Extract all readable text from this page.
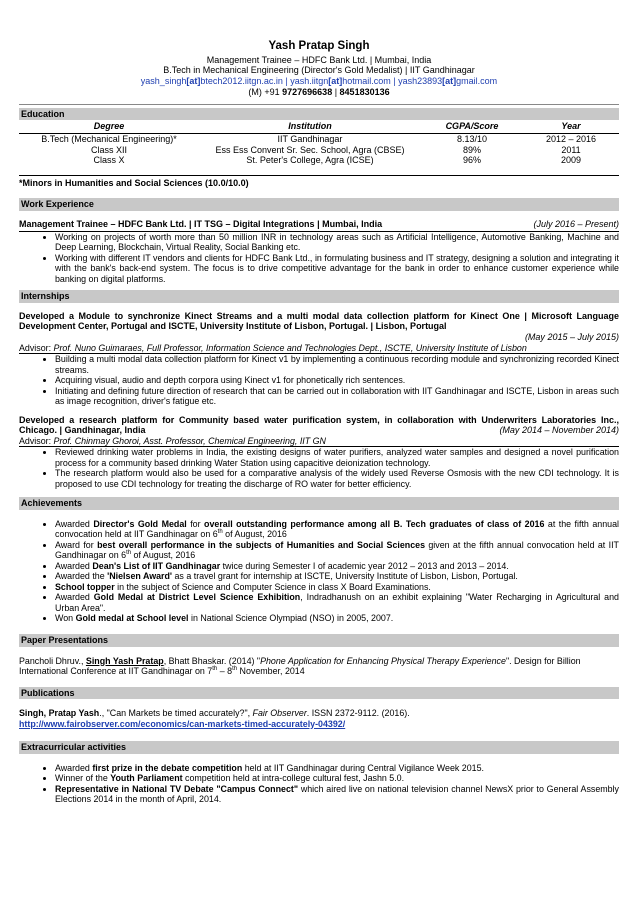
Yash Pratap Singh
Management Trainee – HDFC Bank Ltd. | Mumbai, India
B.Tech in Mechanical Engineering (Director's Gold Medalist) | IIT Gandhinagar
yash_singh[at]btech2012.iitgn.ac.in | yash.iitgn[at]hotmail.com | yash23893[at]gmail.com
(M) +91 9727696638 | 8451830136
Education
Degree	Institution	CGPA/Score	Year
B.Tech (Mechanical Engineering)*	IIT Gandhinagar	8.13/10	2012 – 2016
Class XII	Ess Ess Convent Sr. Sec. School, Agra (CBSE)	89%	2011
Class X	St. Peter's College, Agra (ICSE)	96%	2009
*Minors in Humanities and Social Sciences (10.0/10.0)
Work Experience
Management Trainee – HDFC Bank Ltd. | IT TSG – Digital Integrations | Mumbai, India	(July 2016 – Present)
• Working on projects of worth more than 50 million INR in technology areas such as Artificial Intelligence, Automotive Banking, Machine and Deep Learning, Blockchain, Virtual Reality, Social Banking etc.
• Working with different IT vendors and clients for HDFC Bank Ltd., in formulating business and IT strategy, designing a solution and integrating it with the bank's back-end system. The focus is to drive competitive advantage for the bank in order to enhance customer experience while banking on digital platforms.
Internships
Developed a Module to synchronize Kinect Streams and a multi modal data collection platform for Kinect One | Microsoft Language Development Center, Portugal and ISCTE, University Institute of Lisbon, Portugal. | Lisbon, Portugal
(May 2015 – July 2015)
Advisor: Prof. Nuno Guimaraes, Full Professor, Information Science and Technologies Dept., ISCTE, University Institute of Lisbon
• Building a multi modal data collection platform for Kinect v1 by implementing a continuous recording module and synchronizing recorded Kinect streams.
• Acquiring visual, audio and depth corpora using Kinect v1 for phonetically rich sentences.
• Initiating and defining future direction of research that can be carried out in collaboration with IIT Gandhinagar and ISCTE, Lisbon in areas such as image recognition, driver's fatigue etc.
Developed a research platform for Community based water purification system, in collaboration with Underwriters Laboratories Inc., Chicago. | Gandhinagar, India	(May 2014 – November 2014)
Advisor: Prof. Chinmay Ghoroi, Asst. Professor, Chemical Engineering, IIT GN
• Reviewed drinking water problems in India, the existing designs of water purifiers, analyzed water samples and designed a novel purification process for a community based drinking Water Station using capacitive deionization technology.
• The research platform would also be used for a comparative analysis of the widely used Reverse Osmosis with the new CDI technology. It is proposed to use CDI technology for treating the discharge of RO water for better efficiency.
Achievements
• Awarded Director's Gold Medal for overall outstanding performance among all B. Tech graduates of class of 2016 at the fifth annual convocation held at IIT Gandhinagar on 6th of August, 2016
• Award for best overall performance in the subjects of Humanities and Social Sciences given at the fifth annual convocation held at IIT Gandhinagar on 6th of August, 2016
• Awarded Dean's List of IIT Gandhinagar twice during Semester I of academic year 2012 – 2013 and 2013 – 2014.
• Awarded the 'Nielsen Award' as a travel grant for internship at ISCTE, University Institute of Lisbon, Lisbon, Portugal.
• School topper in the subject of Science and Computer Science in class X Board Examinations.
• Awarded Gold Medal at District Level Science Exhibition, Indradhanush on an exhibit explaining "Water Recharging in Agricultural and Urban Area".
• Won Gold medal at School level in National Science Olympiad (NSO) in 2005, 2007.
Paper Presentations
Pancholi Dhruv., Singh Yash Pratap, Bhatt Bhaskar. (2014) "Phone Application for Enhancing Physical Therapy Experience". Design for Billion International Conference at IIT Gandhinagar on 7th – 8th November, 2014
Publications
Singh, Pratap Yash., "Can Markets be timed accurately?", Fair Observer. ISSN 2372-9112. (2016).
http://www.fairobserver.com/economics/can-markets-timed-accurately-04392/
Extracurricular activities
• Awarded first prize in the debate competition held at IIT Gandhinagar during Central Vigilance Week 2015.
• Winner of the Youth Parliament competition held at intra-college cultural fest, Jashn 5.0.
• Representative in National TV Debate "Campus Connect" which aired live on national television channel NewsX prior to General Assembly Elections 2014 in the month of April, 2014.
